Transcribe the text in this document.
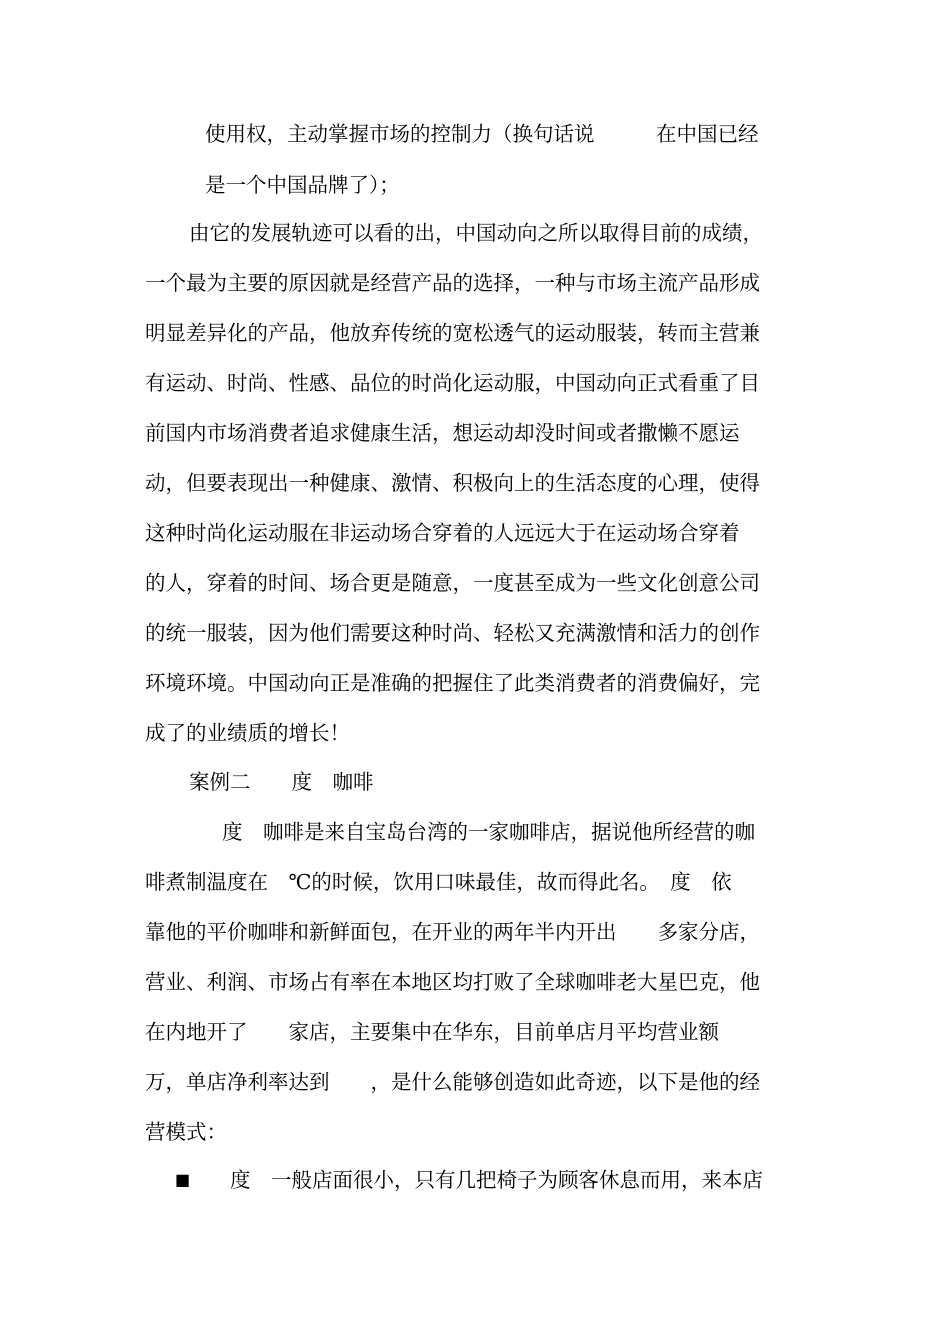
使用权，主动掌握市场的控制力（换句话说　　　在中国已经
是一个中国品牌了）；
由它的发展轨迹可以看的出，中国动向之所以取得目前的成绩，
一个最为主要的原因就是经营产品的选择，一种与市场主流产品形成
明显差异化的产品，他放弃传统的宽松透气的运动服装，转而主营兼
有运动、时尚、性感、品位的时尚化运动服，中国动向正式看重了目
前国内市场消费者追求健康生活，想运动却没时间或者撒懒不愿运
动，但要表现出一种健康、激情、积极向上的生活态度的心理，使得
这种时尚化运动服在非运动场合穿着的人远远大于在运动场合穿着
的人，穿着的时间、场合更是随意，一度甚至成为一些文化创意公司
的统一服装，因为他们需要这种时尚、轻松又充满激情和活力的创作
环境环境。中国动向正是准确的把握住了此类消费者的消费偏好，完
成了的业绩质的增长！
案例二　　度　咖啡
度　咖啡是来自宝岛台湾的一家咖啡店，据说他所经营的咖
啡煮制温度在　℃的时候，饮用口味最佳，故而得此名。　度　依
靠他的平价咖啡和新鲜面包，在开业的两年半内开出　　多家分店，
营业、利润、市场占有率在本地区均打败了全球咖啡老大星巴克，他
在内地开了　　家店，主要集中在华东，目前单店月平均营业额
万，单店净利率达到　　，是什么能够创造如此奇迹，以下是他的经
营模式：
■ 度　一般店面很小，只有几把椅子为顾客休息而用，来本店
